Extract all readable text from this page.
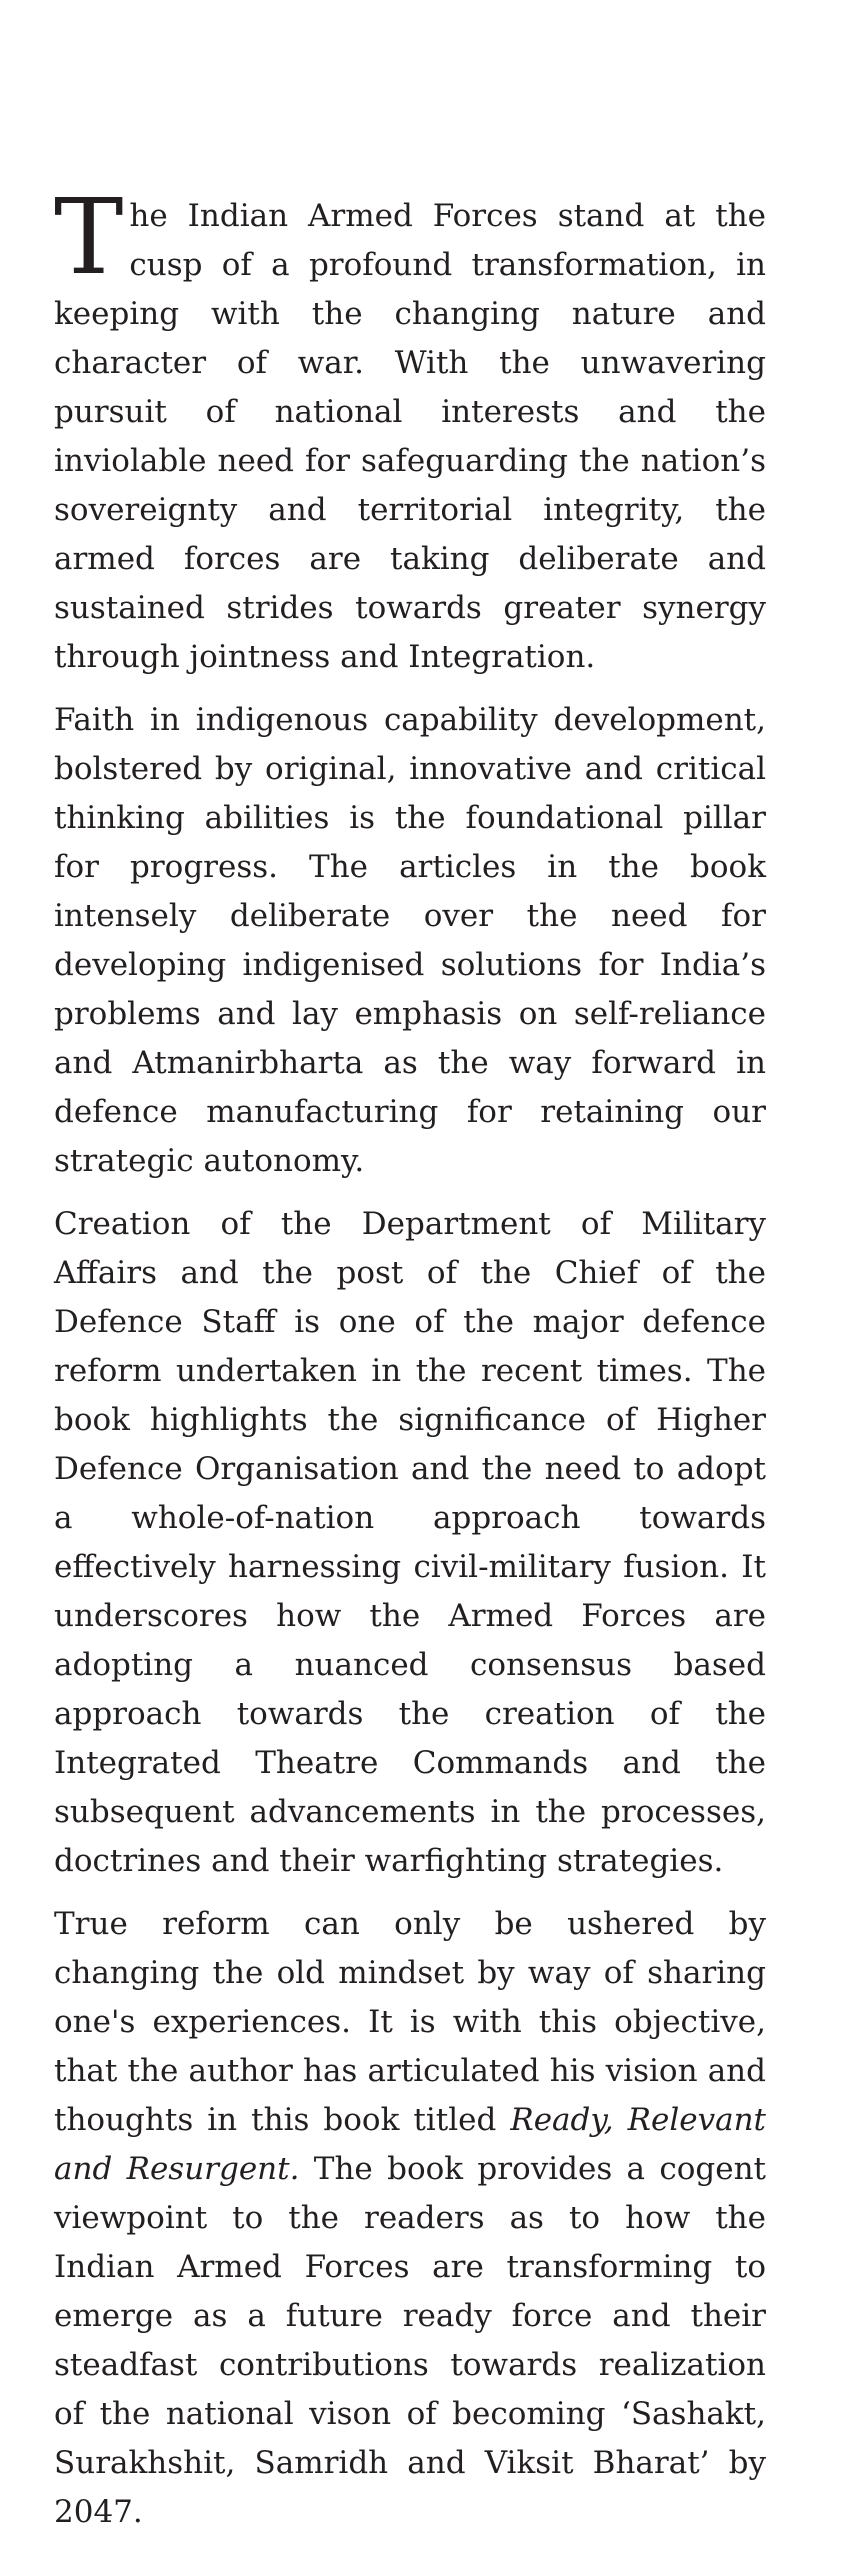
The Indian Armed Forces stand at the cusp of a profound transformation, in keeping with the changing nature and character of war. With the unwavering pursuit of national interests and the inviolable need for safeguarding the nation’s sovereignty and territorial integrity, the armed forces are taking deliberate and sustained strides towards greater synergy through jointness and Integration.

Faith in indigenous capability development, bolstered by original, innovative and critical thinking abilities is the foundational pillar for progress. The articles in the book intensely deliberate over the need for developing indigenised solutions for India’s problems and lay emphasis on self-reliance and Atmanirbharta as the way forward in defence manufacturing for retaining our strategic autonomy.

Creation of the Department of Military Affairs and the post of the Chief of the Defence Staff is one of the major defence reform undertaken in the recent times. The book highlights the significance of Higher Defence Organisation and the need to adopt a whole-of-nation approach towards effectively harnessing civil-military fusion. It underscores how the Armed Forces are adopting a nuanced consensus based approach towards the creation of the Integrated Theatre Commands and the subsequent advancements in the processes, doctrines and their warfighting strategies.

True reform can only be ushered by changing the old mindset by way of sharing one's experiences. It is with this objective, that the author has articulated his vision and thoughts in this book titled Ready, Relevant and Resurgent. The book provides a cogent viewpoint to the readers as to how the Indian Armed Forces are transforming to emerge as a future ready force and their steadfast contributions towards realization of the national vison of becoming ‘Sashakt, Surakhshit, Samridh and Viksit Bharat’ by 2047.
